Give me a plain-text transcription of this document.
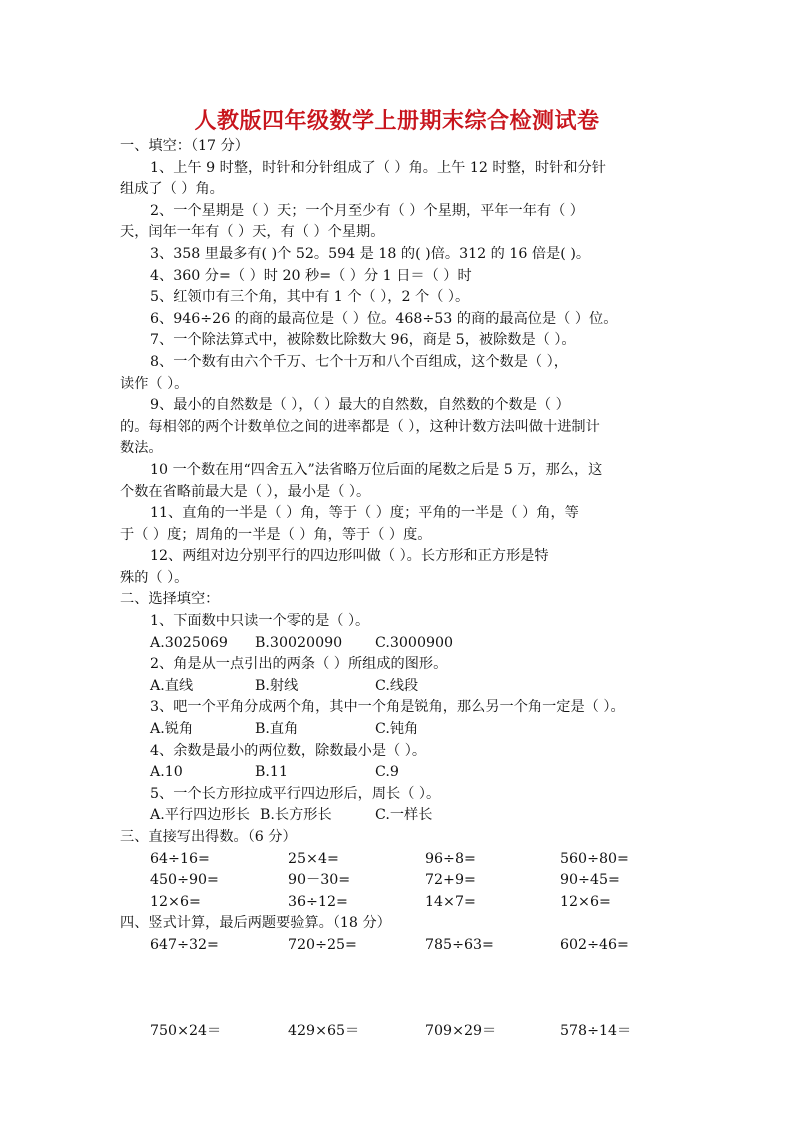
人教版四年级数学上册期末综合检测试卷
一、填空：（17 分）
1、上午 9 时整，时针和分针组成了（ ）角。上午 12 时整，时针和分针
组成了（ ）角。
2、一个星期是（ ）天；一个月至少有（ ）个星期，平年一年有（ ）
天，闰年一年有（ ）天，有（ ）个星期。
3、358 里最多有( )个 52。594 是 18 的( )倍。312 的 16 倍是( )。
4、360 分=（ ）时 20 秒=（ ）分 1 日＝（ ）时
5、红领巾有三个角，其中有 1 个（ ），2 个（ ）。
6、946÷26 的商的最高位是（ ）位。468÷53 的商的最高位是（ ）位。
7、一个除法算式中，被除数比除数大 96，商是 5，被除数是（ ）。
8、一个数有由六个千万、七个十万和八个百组成，这个数是（ ），
读作（ ）。
9、最小的自然数是（ ），（ ）最大的自然数，自然数的个数是（ ）
的。每相邻的两个计数单位之间的进率都是（ ），这种计数方法叫做十进制计
数法。
10 一个数在用“四舍五入”法省略万位后面的尾数之后是 5 万，那么，这
个数在省略前最大是（ ），最小是（ ）。
11、直角的一半是（ ）角，等于（ ）度；平角的一半是（ ）角，等
于（ ）度；周角的一半是（ ）角，等于（ ）度。
12、两组对边分别平行的四边形叫做（ ）。长方形和正方形是特
殊的（ ）。
二、选择填空：
1、下面数中只读一个零的是（ ）。
A.3025069	B.30020090	C.3000900
2、角是从一点引出的两条（ ）所组成的图形。
A.直线	B.射线	C.线段
3、吧一个平角分成两个角，其中一个角是锐角，那么另一个角一定是（ ）。
A.锐角	B.直角	C.钝角
4、余数是最小的两位数，除数最小是（ ）。
A.10	B.11	C.9
5、一个长方形拉成平行四边形后，周长（ ）。
A.平行四边形长 B.长方形长	C.一样长
三、直接写出得数。（6 分）
64÷16=	25×4=	96÷8=	560÷80=
450÷90=	90－30=	72+9=	90÷45=
12×6=	36÷12=	14×7=	12×6=
四、竖式计算，最后两题要验算。（18 分）
647÷32=	720÷25=	785÷63=	602÷46=
750×24＝	429×65＝	709×29＝	578÷14＝
